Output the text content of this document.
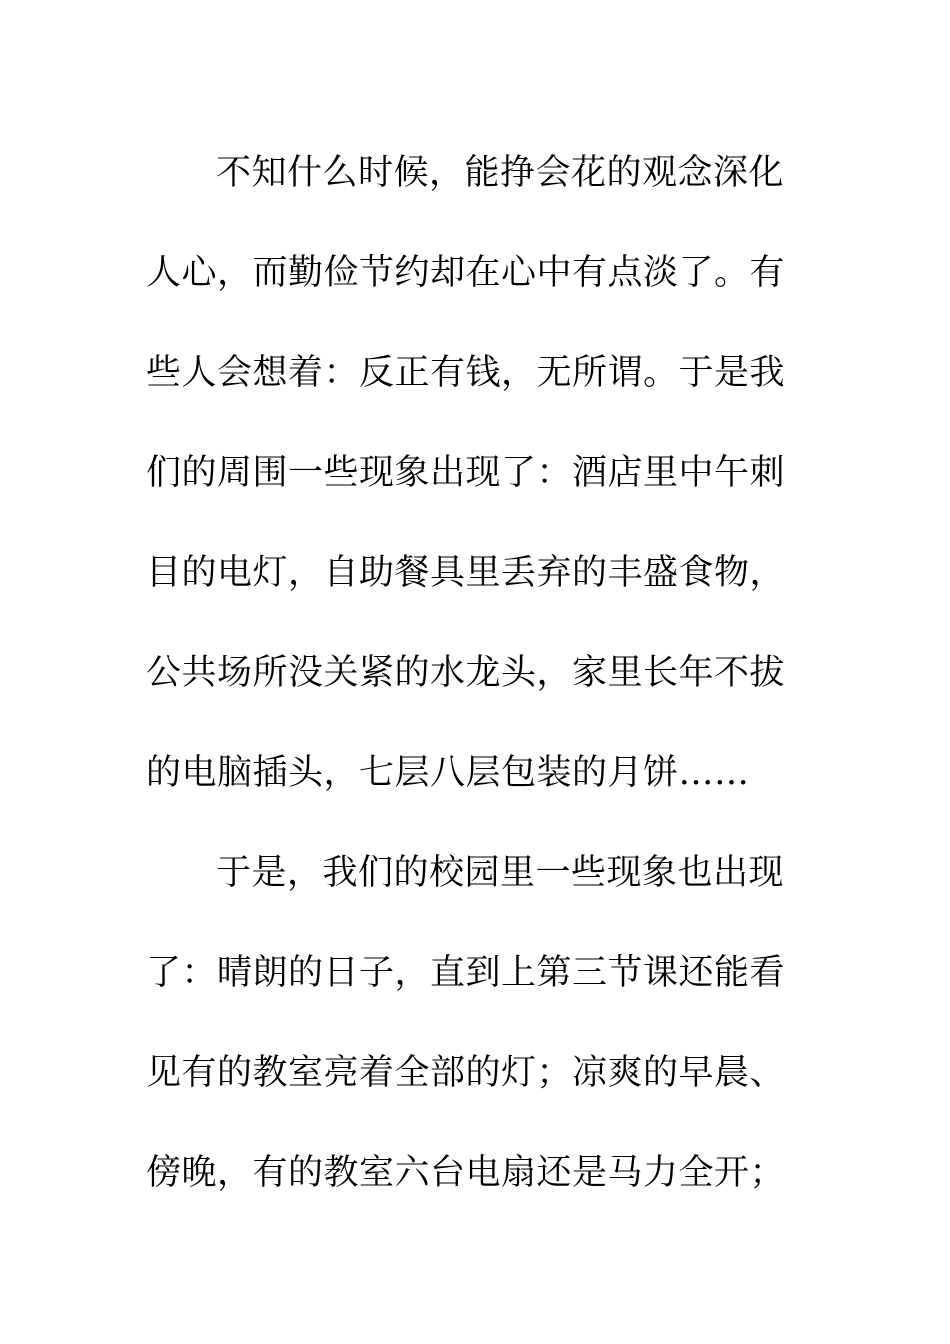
不知什么时候，能挣会花的观念深化
人心，而勤俭节约却在心中有点淡了。有
些人会想着：反正有钱，无所谓。于是我
们的周围一些现象出现了：酒店里中午刺
目的电灯，自助餐具里丢弃的丰盛食物，
公共场所没关紧的水龙头，家里长年不拔
的电脑插头，七层八层包装的月饼……
于是，我们的校园里一些现象也出现
了：晴朗的日子，直到上第三节课还能看
见有的教室亮着全部的灯；凉爽的早晨、
傍晚，有的教室六台电扇还是马力全开；
